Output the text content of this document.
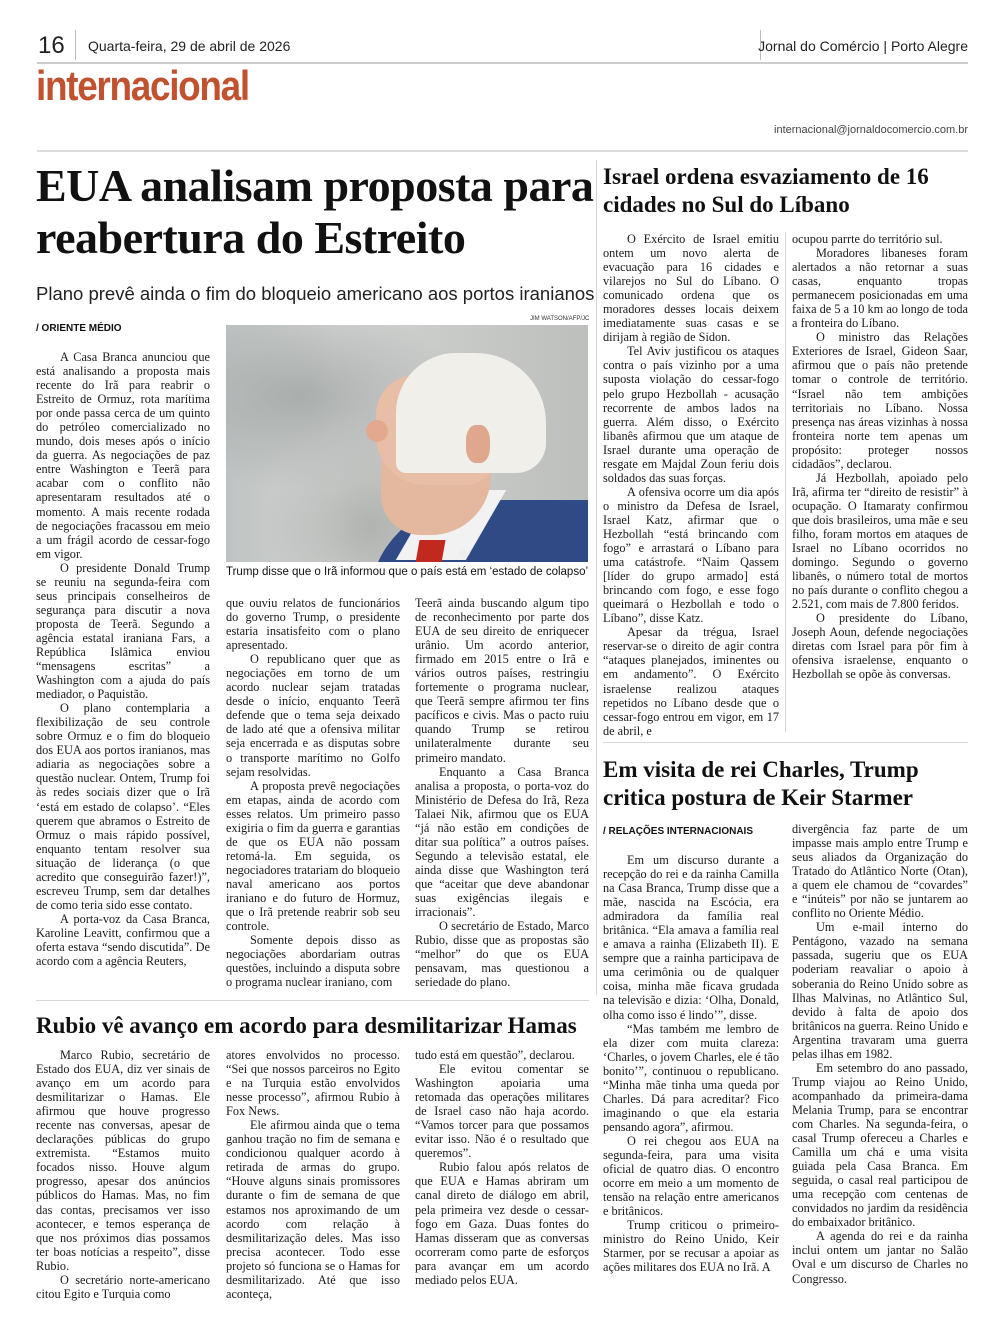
16 Quarta-feira, 29 de abril de 2026	Jornal do Comércio | Porto Alegre
internacional
internacional@jornaldocomercio.com.br
EUA analisam proposta para reabertura do Estreito
Plano prevê ainda o fim do bloqueio americano aos portos iranianos
/ ORIENTE MÉDIO
JIM WATSON/AFP/JC
Trump disse que o Irã informou que o país está em ‘estado de colapso’

A Casa Branca anunciou que está analisando a proposta mais recente do Irã para reabrir o Estreito de Ormuz, rota marítima por onde passa cerca de um quinto do petróleo comercializado no mundo, dois meses após o início da guerra. As negociações de paz entre Washington e Teerã para acabar com o conflito não apresentaram resultados até o momento. A mais recente rodada de negociações fracassou em meio a um frágil acordo de cessar-fogo em vigor.

O presidente Donald Trump se reuniu na segunda-feira com seus principais conselheiros de segurança para discutir a nova proposta de Teerã. Segundo a agência estatal iraniana Fars, a República Islâmica enviou “mensagens escritas” a Washington com a ajuda do país mediador, o Paquistão.

O plano contemplaria a flexibilização de seu controle sobre Ormuz e o fim do bloqueio dos EUA aos portos iranianos, mas adiaria as negociações sobre a questão nuclear. Ontem, Trump foi às redes sociais dizer que o Irã ‘está em estado de colapso’. “Eles querem que abramos o Estreito de Ormuz o mais rápido possível, enquanto tentam resolver sua situação de liderança (o que acredito que conseguirão fazer!)”, escreveu Trump, sem dar detalhes de como teria sido esse contato.

A porta-voz da Casa Branca, Karoline Leavitt, confirmou que a oferta estava “sendo discutida”. De acordo com a agência Reuters,

que ouviu relatos de funcionários do governo Trump, o presidente estaria insatisfeito com o plano apresentado.

O republicano quer que as negociações em torno de um acordo nuclear sejam tratadas desde o início, enquanto Teerã defende que o tema seja deixado de lado até que a ofensiva militar seja encerrada e as disputas sobre o transporte marítimo no Golfo sejam resolvidas.

A proposta prevê negociações em etapas, ainda de acordo com esses relatos. Um primeiro passo exigiria o fim da guerra e garantias de que os EUA não possam retomá-la. Em seguida, os negociadores tratariam do bloqueio naval americano aos portos iraniano e do futuro de Hormuz, que o Irã pretende reabrir sob seu controle.

Somente depois disso as negociações abordariam outras questões, incluindo a disputa sobre o programa nuclear iraniano, com

Teerã ainda buscando algum tipo de reconhecimento por parte dos EUA de seu direito de enriquecer urânio. Um acordo anterior, firmado em 2015 entre o Irã e vários outros países, restringiu fortemente o programa nuclear, que Teerã sempre afirmou ter fins pacíficos e civis. Mas o pacto ruiu quando Trump se retirou unilateralmente durante seu primeiro mandato.

Enquanto a Casa Branca analisa a proposta, o porta-voz do Ministério de Defesa do Irã, Reza Talaei Nik, afirmou que os EUA “já não estão em condições de ditar sua política” a outros países. Segundo a televisão estatal, ele ainda disse que Washington terá que “aceitar que deve abandonar suas exigências ilegais e irracionais”.

O secretário de Estado, Marco Rubio, disse que as propostas são “melhor” do que os EUA pensavam, mas questionou a seriedade do plano.

Israel ordena esvaziamento de 16 cidades no Sul do Líbano

O Exército de Israel emitiu ontem um novo alerta de evacuação para 16 cidades e vilarejos no Sul do Líbano. O comunicado ordena que os moradores desses locais deixem imediatamente suas casas e se dirijam à região de Sidon.

Tel Aviv justificou os ataques contra o país vizinho por a uma suposta violação do cessar-fogo pelo grupo Hezbollah - acusação recorrente de ambos lados na guerra. Além disso, o Exército libanês afirmou que um ataque de Israel durante uma operação de resgate em Majdal Zoun feriu dois soldados das suas forças.

A ofensiva ocorre um dia após o ministro da Defesa de Israel, Israel Katz, afirmar que o Hezbollah “está brincando com fogo” e arrastará o Líbano para uma catástrofe. “Naim Qassem [líder do grupo armado] está brincando com fogo, e esse fogo queimará o Hezbollah e todo o Líbano”, disse Katz.

Apesar da trégua, Israel reservar-se o direito de agir contra “ataques planejados, iminentes ou em andamento”. O Exército israelense realizou ataques repetidos no Líbano desde que o cessar-fogo entrou em vigor, em 17 de abril, e

ocupou parrte do território sul.

Moradores libaneses foram alertados a não retornar a suas casas, enquanto tropas permanecem posicionadas em uma faixa de 5 a 10 km ao longo de toda a fronteira do Líbano.

O ministro das Relações Exteriores de Israel, Gideon Saar, afirmou que o país não pretende tomar o controle de território. “Israel não tem ambições territoriais no Líbano. Nossa presença nas áreas vizinhas à nossa fronteira norte tem apenas um propósito: proteger nossos cidadãos”, declarou.

Já Hezbollah, apoiado pelo Irã, afirma ter “direito de resistir” à ocupação. O Itamaraty confirmou que dois brasileiros, uma mãe e seu filho, foram mortos em ataques de Israel no Líbano ocorridos no domingo. Segundo o governo libanês, o número total de mortos no país durante o conflito chegou a 2.521, com mais de 7.800 feridos.

O presidente do Líbano, Joseph Aoun, defende negociações diretas com Israel para pôr fim à ofensiva israelense, enquanto o Hezbollah se opõe às conversas.

Em visita de rei Charles, Trump critica postura de Keir Starmer
/ RELAÇÕES INTERNACIONAIS

Em um discurso durante a recepção do rei e da rainha Camilla na Casa Branca, Trump disse que a mãe, nascida na Escócia, era admiradora da família real britânica. “Ela amava a família real e amava a rainha (Elizabeth II). E sempre que a rainha participava de uma cerimônia ou de qualquer coisa, minha mãe ficava grudada na televisão e dizia: ‘Olha, Donald, olha como isso é lindo’”, disse.

“Mas também me lembro de ela dizer com muita clareza: ‘Charles, o jovem Charles, ele é tão bonito’”, continuou o republicano. “Minha mãe tinha uma queda por Charles. Dá para acreditar? Fico imaginando o que ela estaria pensando agora”, afirmou.

O rei chegou aos EUA na segunda-feira, para uma visita oficial de quatro dias. O encontro ocorre em meio a um momento de tensão na relação entre americanos e britânicos.

Trump criticou o primeiro-ministro do Reino Unido, Keir Starmer, por se recusar a apoiar as ações militares dos EUA no Irã. A

divergência faz parte de um impasse mais amplo entre Trump e seus aliados da Organização do Tratado do Atlântico Norte (Otan), a quem ele chamou de “covardes” e “inúteis” por não se juntarem ao conflito no Oriente Médio.

Um e-mail interno do Pentágono, vazado na semana passada, sugeriu que os EUA poderiam reavaliar o apoio à soberania do Reino Unido sobre as Ilhas Malvinas, no Atlântico Sul, devido à falta de apoio dos britânicos na guerra. Reino Unido e Argentina travaram uma guerra pelas ilhas em 1982.

Em setembro do ano passado, Trump viajou ao Reino Unido, acompanhado da primeira-dama Melania Trump, para se encontrar com Charles. Na segunda-feira, o casal Trump ofereceu a Charles e Camilla um chá e uma visita guiada pela Casa Branca. Em seguida, o casal real participou de uma recepção com centenas de convidados no jardim da residência do embaixador britânico.

A agenda do rei e da rainha inclui ontem um jantar no Salão Oval e um discurso de Charles no Congresso.

Rubio vê avanço em acordo para desmilitarizar Hamas

Marco Rubio, secretário de Estado dos EUA, diz ver sinais de avanço em um acordo para desmilitarizar o Hamas. Ele afirmou que houve progresso recente nas conversas, apesar de declarações públicas do grupo extremista. “Estamos muito focados nisso. Houve algum progresso, apesar dos anúncios públicos do Hamas. Mas, no fim das contas, precisamos ver isso acontecer, e temos esperança de que nos próximos dias possamos ter boas notícias a respeito”, disse Rubio.

O secretário norte-americano citou Egito e Turquia como

atores envolvidos no processo. “Sei que nossos parceiros no Egito e na Turquia estão envolvidos nesse processo”, afirmou Rubio à Fox News.

Ele afirmou ainda que o tema ganhou tração no fim de semana e condicionou qualquer acordo à retirada de armas do grupo. “Houve alguns sinais promissores durante o fim de semana de que estamos nos aproximando de um acordo com relação à desmilitarização deles. Mas isso precisa acontecer. Todo esse projeto só funciona se o Hamas for desmilitarizado. Até que isso aconteça,

tudo está em questão”, declarou.

Ele evitou comentar se Washington apoiaria uma retomada das operações militares de Israel caso não haja acordo. “Vamos torcer para que possamos evitar isso. Não é o resultado que queremos”.

Rubio falou após relatos de que EUA e Hamas abriram um canal direto de diálogo em abril, pela primeira vez desde o cessar-fogo em Gaza. Duas fontes do Hamas disseram que as conversas ocorreram como parte de esforços para avançar em um acordo mediado pelos EUA.
